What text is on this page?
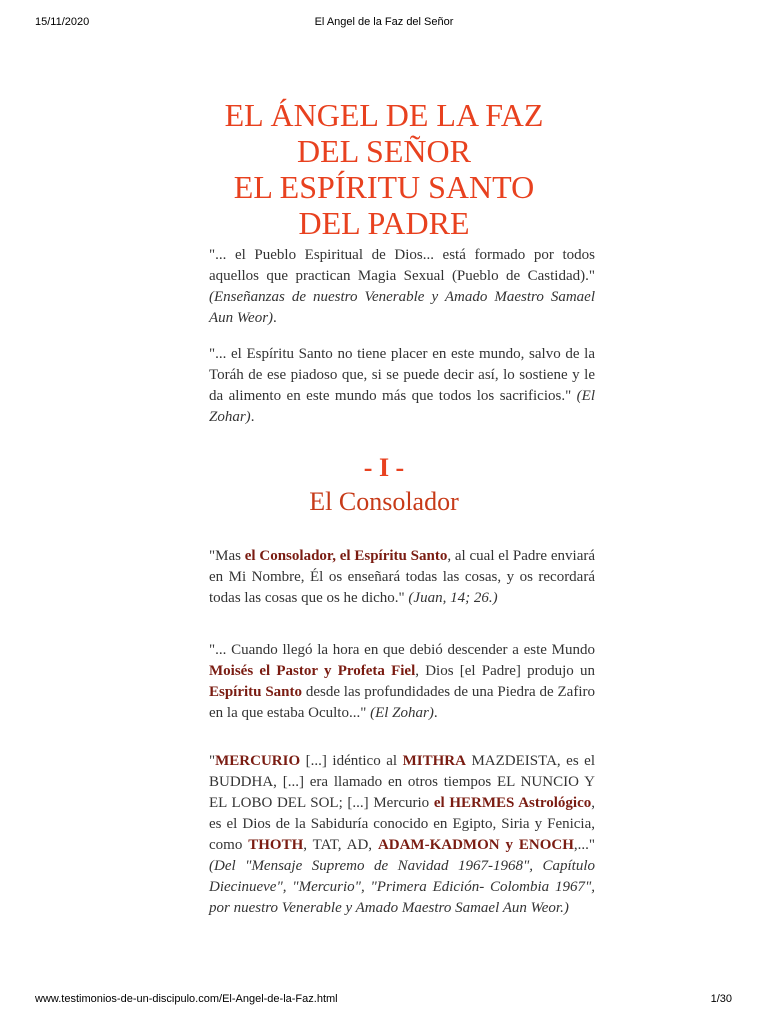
15/11/2020	El Angel de la Faz del Señor
EL ÁNGEL DE LA FAZ
DEL SEÑOR
EL ESPÍRITU SANTO
DEL PADRE

"... el Pueblo Espiritual de Dios... está formado por todos aquellos que practican Magia Sexual (Pueblo de Castidad)." (Enseñanzas de nuestro Venerable y Amado Maestro Samael Aun Weor).

"... el Espíritu Santo no tiene placer en este mundo, salvo de la Toráh de ese piadoso que, si se puede decir así, lo sostiene y le da alimento en este mundo más que todos los sacrificios." (El Zohar).

- I -
El Consolador

"Mas el Consolador, el Espíritu Santo, al cual el Padre enviará en Mi Nombre, Él os enseñará todas las cosas, y os recordará todas las cosas que os he dicho." (Juan, 14; 26.)

"... Cuando llegó la hora en que debió descender a este Mundo Moisés el Pastor y Profeta Fiel, Dios [el Padre] produjo un Espíritu Santo desde las profundidades de una Piedra de Zafiro en la que estaba Oculto..." (El Zohar).

"MERCURIO [...] idéntico al MITHRA MAZDEISTA, es el BUDDHA, [...] era llamado en otros tiempos EL NUNCIO Y EL LOBO DEL SOL; [...] Mercurio el HERMES Astrológico, es el Dios de la Sabiduría conocido en Egipto, Siria y Fenicia, como THOTH, TAT, AD, ADAM-KADMON y ENOCH,..." (Del "Mensaje Supremo de Navidad 1967-1968", Capítulo Diecinueve", "Mercurio", "Primera Edición- Colombia 1967", por nuestro Venerable y Amado Maestro Samael Aun Weor.)

www.testimonios-de-un-discipulo.com/El-Angel-de-la-Faz.html	1/30
